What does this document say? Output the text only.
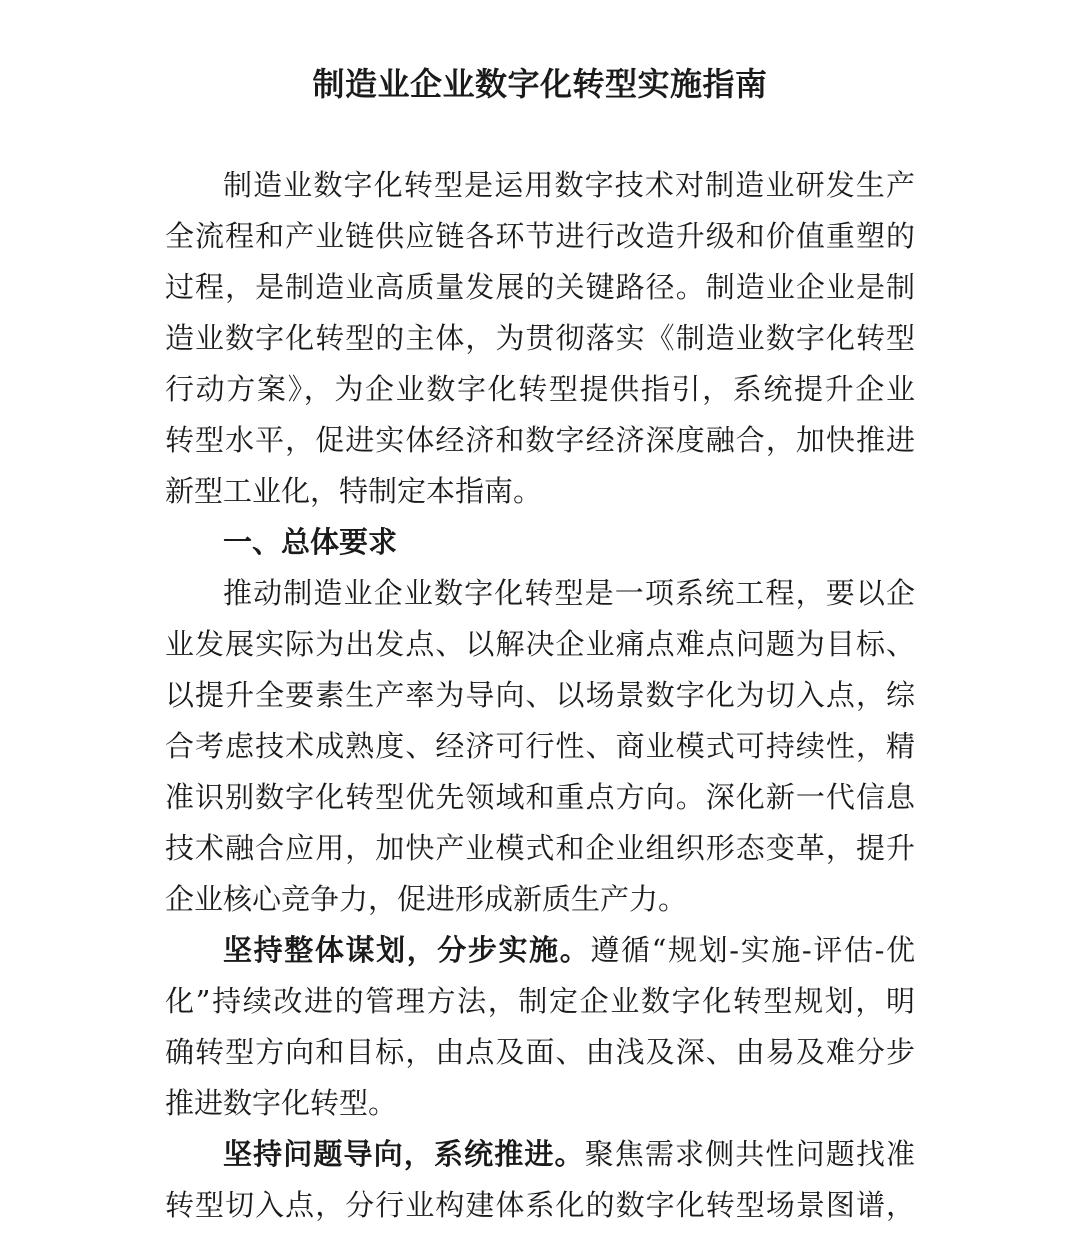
制造业企业数字化转型实施指南

制造业数字化转型是运用数字技术对制造业研发生产

全流程和产业链供应链各环节进行改造升级和价值重塑的

过程，是制造业高质量发展的关键路径。制造业企业是制

造业数字化转型的主体，为贯彻落实《制造业数字化转型

行动方案》，为企业数字化转型提供指引，系统提升企业

转型水平，促进实体经济和数字经济深度融合，加快推进

新型工业化，特制定本指南。

一、总体要求

推动制造业企业数字化转型是一项系统工程，要以企

业发展实际为出发点、以解决企业痛点难点问题为目标、

以提升全要素生产率为导向、以场景数字化为切入点，综

合考虑技术成熟度、经济可行性、商业模式可持续性，精

准识别数字化转型优先领域和重点方向。深化新一代信息

技术融合应用，加快产业模式和企业组织形态变革，提升

企业核心竞争力，促进形成新质生产力。

坚持整体谋划，分步实施。遵循“规划-实施-评估-优

化”持续改进的管理方法，制定企业数字化转型规划，明

确转型方向和目标，由点及面、由浅及深、由易及难分步

推进数字化转型。

坚持问题导向，系统推进。聚焦需求侧共性问题找准

转型切入点，分行业构建体系化的数字化转型场景图谱，
